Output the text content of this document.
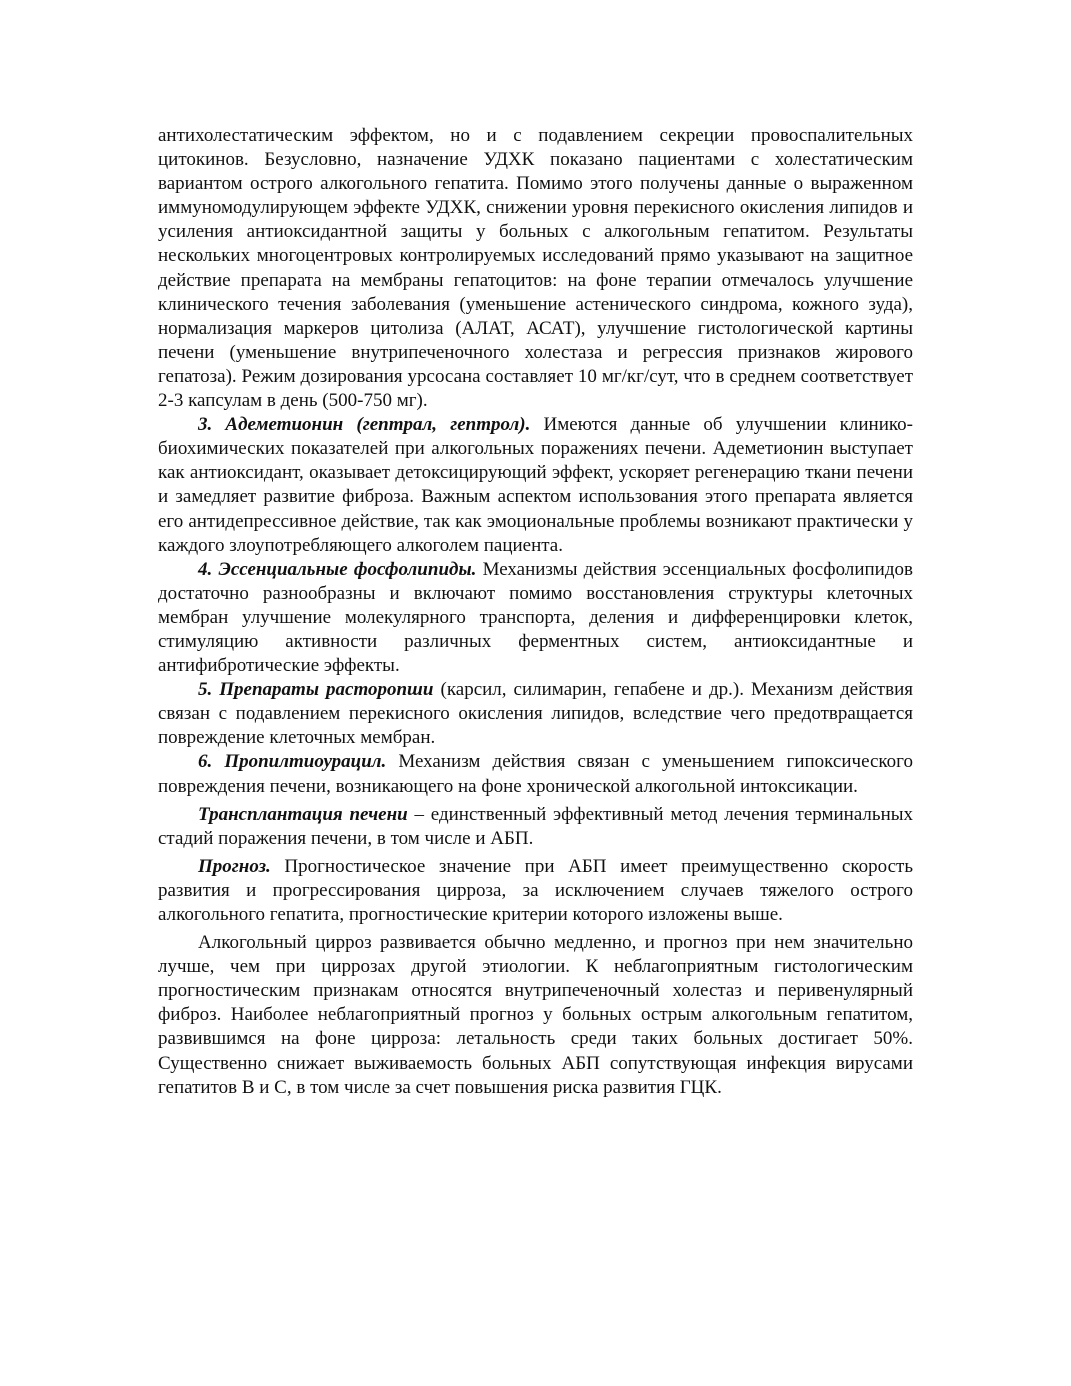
антихолестатическим эффектом, но и с подавлением секреции провоспалительных цитокинов. Безусловно, назначение УДХК показано пациентами с холестатическим вариантом острого алкогольного гепатита. Помимо этого получены данные о выраженном иммуномодулирующем эффекте УДХК, снижении уровня перекисного окисления липидов и усиления антиоксидантной защиты у больных с алкогольным гепатитом. Результаты нескольких многоцентровых контролируемых исследований прямо указывают на защитное действие препарата на мембраны гепатоцитов: на фоне терапии отмечалось улучшение клинического течения заболевания (уменьшение астенического синдрома, кожного зуда), нормализация маркеров цитолиза (АЛАТ, АСАТ), улучшение гистологической картины печени (уменьшение внутрипеченочного холестаза и регрессия признаков жирового гепатоза). Режим дозирования урсосана составляет 10 мг/кг/сут, что в среднем соответствует 2-3 капсулам в день (500-750 мг).

3. Адеметионин (гептрал, гептрол). Имеются данные об улучшении клинико-биохимических показателей при алкогольных поражениях печени. Адеметионин выступает как антиоксидант, оказывает детоксицирующий эффект, ускоряет регенерацию ткани печени и замедляет развитие фиброза. Важным аспектом использования этого препарата является его антидепрессивное действие, так как эмоциональные проблемы возникают практически у каждого злоупотребляющего алкоголем пациента.

4. Эссенциальные фосфолипиды. Механизмы действия эссенциальных фосфолипидов достаточно разнообразны и включают помимо восстановления структуры клеточных мембран улучшение молекулярного транспорта, деления и дифференцировки клеток, стимуляцию активности различных ферментных систем, антиоксидантные и антифибротические эффекты.

5. Препараты расторопши (карсил, силимарин, гепабене и др.). Механизм действия связан с подавлением перекисного окисления липидов, вследствие чего предотвращается повреждение клеточных мембран.

6. Пропилтиоурацил. Механизм действия связан с уменьшением гипоксического повреждения печени, возникающего на фоне хронической алкогольной интоксикации.

Трансплантация печени – единственный эффективный метод лечения терминальных стадий поражения печени, в том числе и АБП.

Прогноз. Прогностическое значение при АБП имеет преимущественно скорость развития и прогрессирования цирроза, за исключением случаев тяжелого острого алкогольного гепатита, прогностические критерии которого изложены выше.

Алкогольный цирроз развивается обычно медленно, и прогноз при нем значительно лучше, чем при циррозах другой этиологии. К неблагоприятным гистологическим прогностическим признакам относятся внутрипеченочный холестаз и перивенулярный фиброз. Наиболее неблагоприятный прогноз у больных острым алкогольным гепатитом, развившимся на фоне цирроза: летальность среди таких больных достигает 50%. Существенно снижает выживаемость больных АБП сопутствующая инфекция вирусами гепатитов В и С, в том числе за счет повышения риска развития ГЦК.
